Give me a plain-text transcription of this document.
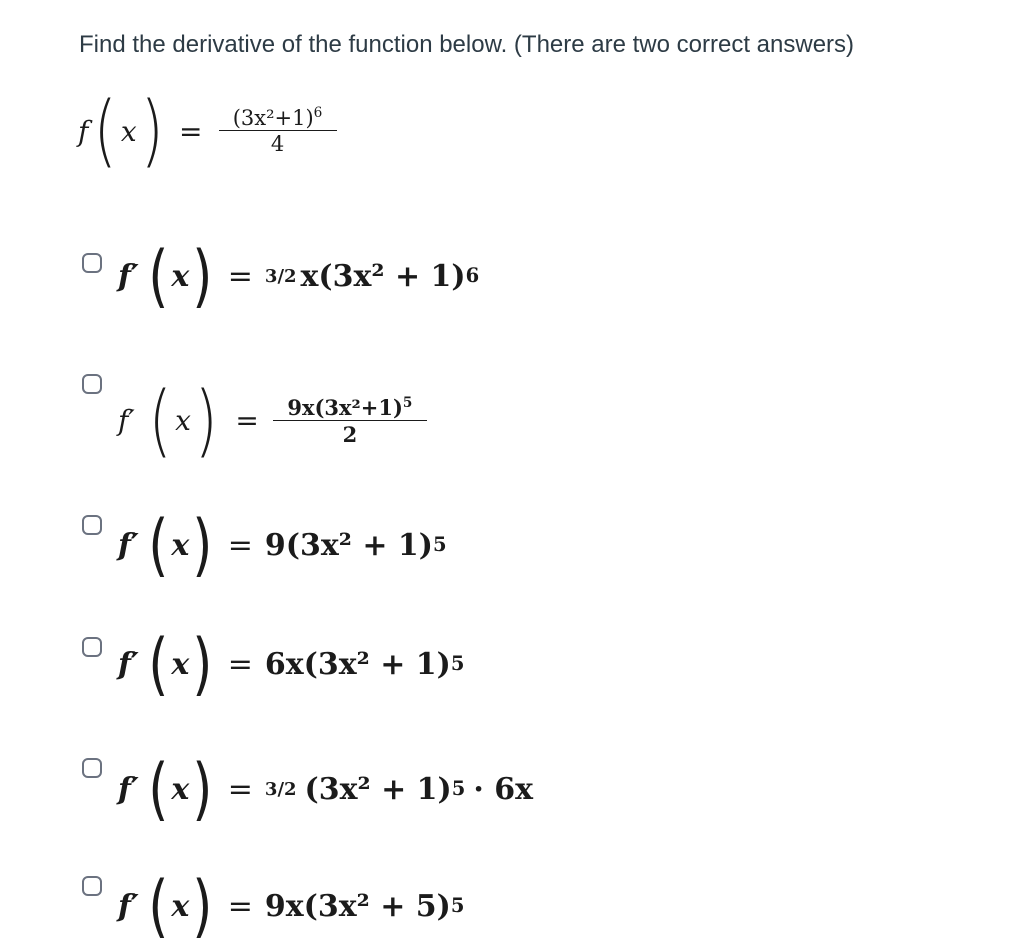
Find the derivative of the function below. (There are two correct answers)
f ( x ) = $\frac{(3x^2+1)^6}{4}$
f′ ( x ) = 3/2 x(3x² + 1) 6
f′ ( x ) = $\frac{9x(3x^2+1)^5}{2}$
f′ ( x ) = 9(3x² + 1) 5
f′ ( x ) = 6x(3x² + 1) 5
f′ ( x ) = 3/2 (3x² + 1) 5 · 6x
f′ ( x ) = 9x(3x² + 5) 5
